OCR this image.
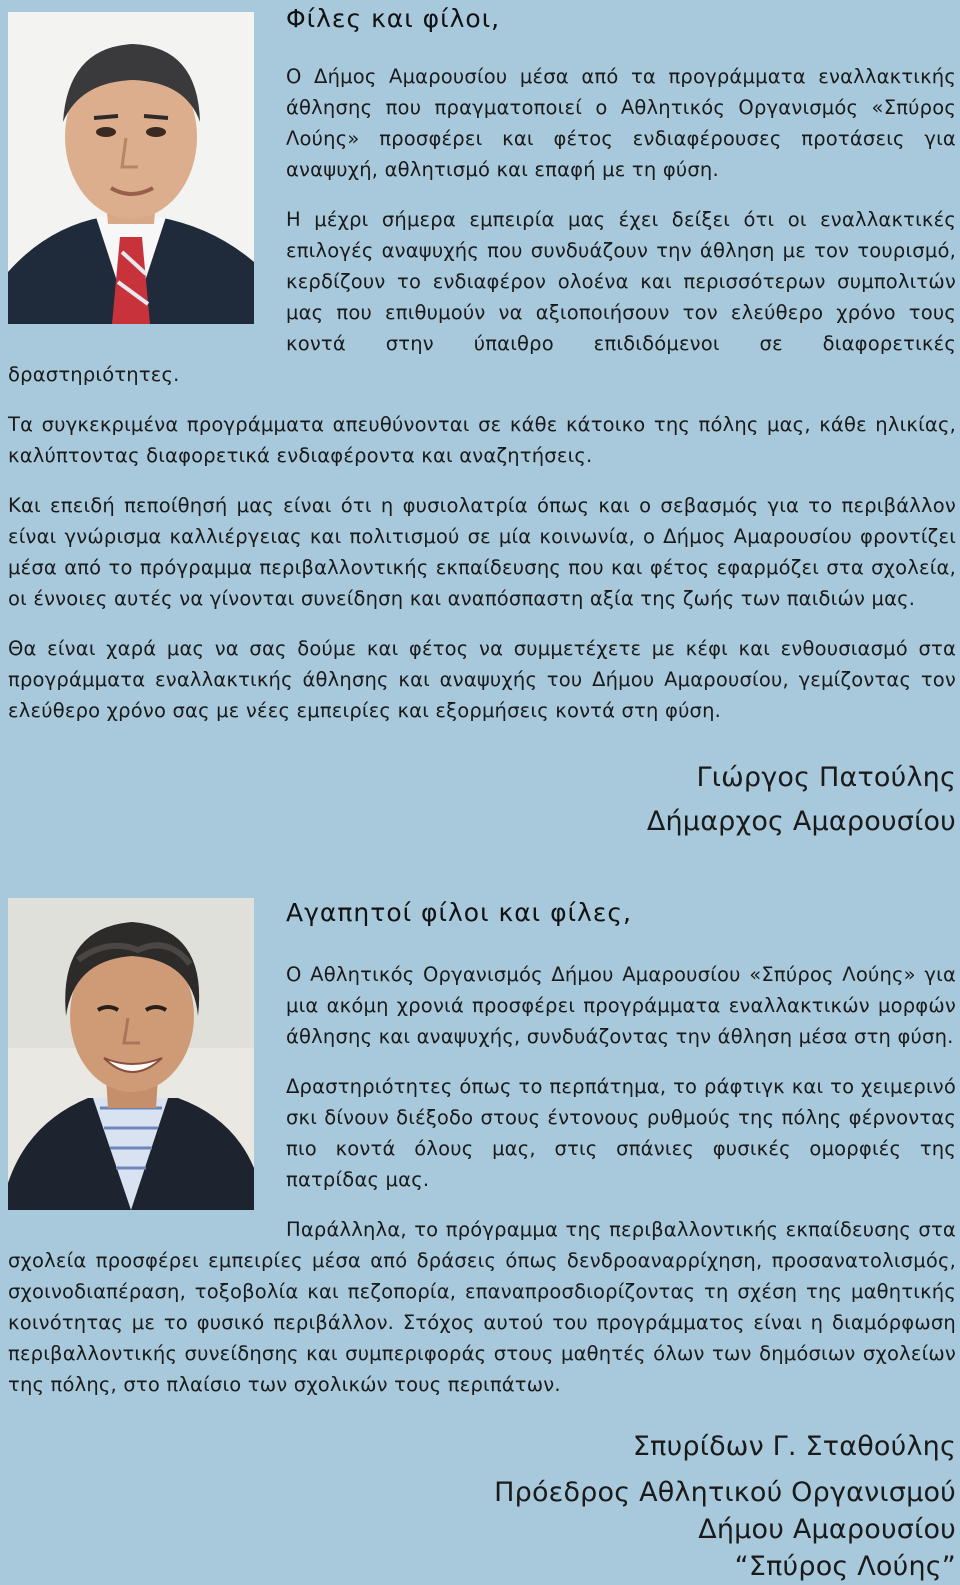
Φίλες και φίλοι,

Ο Δήμος Αμαρουσίου μέσα από τα προγράμματα εναλλακτικής άθλησης που πραγματοποιεί ο Αθλητικός Οργανισμός «Σπύρος Λούης» προσφέρει και φέτος ενδιαφέρουσες προτάσεις για αναψυχή, αθλητισμό και επαφή με τη φύση.

Η μέχρι σήμερα εμπειρία μας έχει δείξει ότι οι εναλλακτικές επιλογές αναψυχής που συνδυάζουν την άθληση με τον τουρισμό, κερδίζουν το ενδιαφέρον ολοένα και περισσότερων συμπολιτών μας που επιθυμούν να αξιοποιήσουν τον ελεύθερο χρόνο τους κοντά στην ύπαιθρο επιδιδόμενοι σε διαφορετικές δραστηριότητες.

Τα συγκεκριμένα προγράμματα απευθύνονται σε κάθε κάτοικο της πόλης μας, κάθε ηλικίας, καλύπτοντας διαφορετικά ενδιαφέροντα και αναζητήσεις.

Και επειδή πεποίθησή μας είναι ότι η φυσιολατρία όπως και ο σεβασμός για το περιβάλλον είναι γνώρισμα καλλιέργειας και πολιτισμού σε μία κοινωνία, ο Δήμος Αμαρουσίου φροντίζει μέσα από το πρόγραμμα περιβαλλοντικής εκπαίδευσης που και φέτος εφαρμόζει στα σχολεία, οι έννοιες αυτές να γίνονται συνείδηση και αναπόσπαστη αξία της ζωής των παιδιών μας.

Θα είναι χαρά μας να σας δούμε και φέτος να συμμετέχετε με κέφι και ενθουσιασμό στα προγράμματα εναλλακτικής άθλησης και αναψυχής του Δήμου Αμαρουσίου, γεμίζοντας τον ελεύθερο χρόνο σας με νέες εμπειρίες και εξορμήσεις κοντά στη φύση.

Γιώργος Πατούλης

Δήμαρχος Αμαρουσίου

Αγαπητοί φίλοι και φίλες,

Ο Αθλητικός Οργανισμός Δήμου Αμαρουσίου «Σπύρος Λούης» για μια ακόμη χρονιά προσφέρει προγράμματα εναλλακτικών μορφών άθλησης και αναψυχής, συνδυάζοντας την άθληση μέσα στη φύση.

Δραστηριότητες όπως το περπάτημα, το ράφτιγκ και το χειμερινό σκι δίνουν διέξοδο στους έντονους ρυθμούς της πόλης φέρνοντας πιο κοντά όλους μας, στις σπάνιες φυσικές ομορφιές της πατρίδας μας.

Παράλληλα, το πρόγραμμα της περιβαλλοντικής εκπαίδευσης στα σχολεία προσφέρει εμπειρίες μέσα από δράσεις όπως δενδροαναρρίχηση, προσανατολισμός, σχοινοδιαπέραση, τοξοβολία και πεζοπορία, επαναπροσδιορίζοντας τη σχέση της μαθητικής κοινότητας με το φυσικό περιβάλλον. Στόχος αυτού του προγράμματος είναι η διαμόρφωση περιβαλλοντικής συνείδησης και συμπεριφοράς στους μαθητές όλων των δημόσιων σχολείων της πόλης, στο πλαίσιο των σχολικών τους περιπάτων.

Σπυρίδων Γ. Σταθούλης

Πρόεδρος Αθλητικού Οργανισμού

Δήμου Αμαρουσίου

“Σπύρος Λούης”
